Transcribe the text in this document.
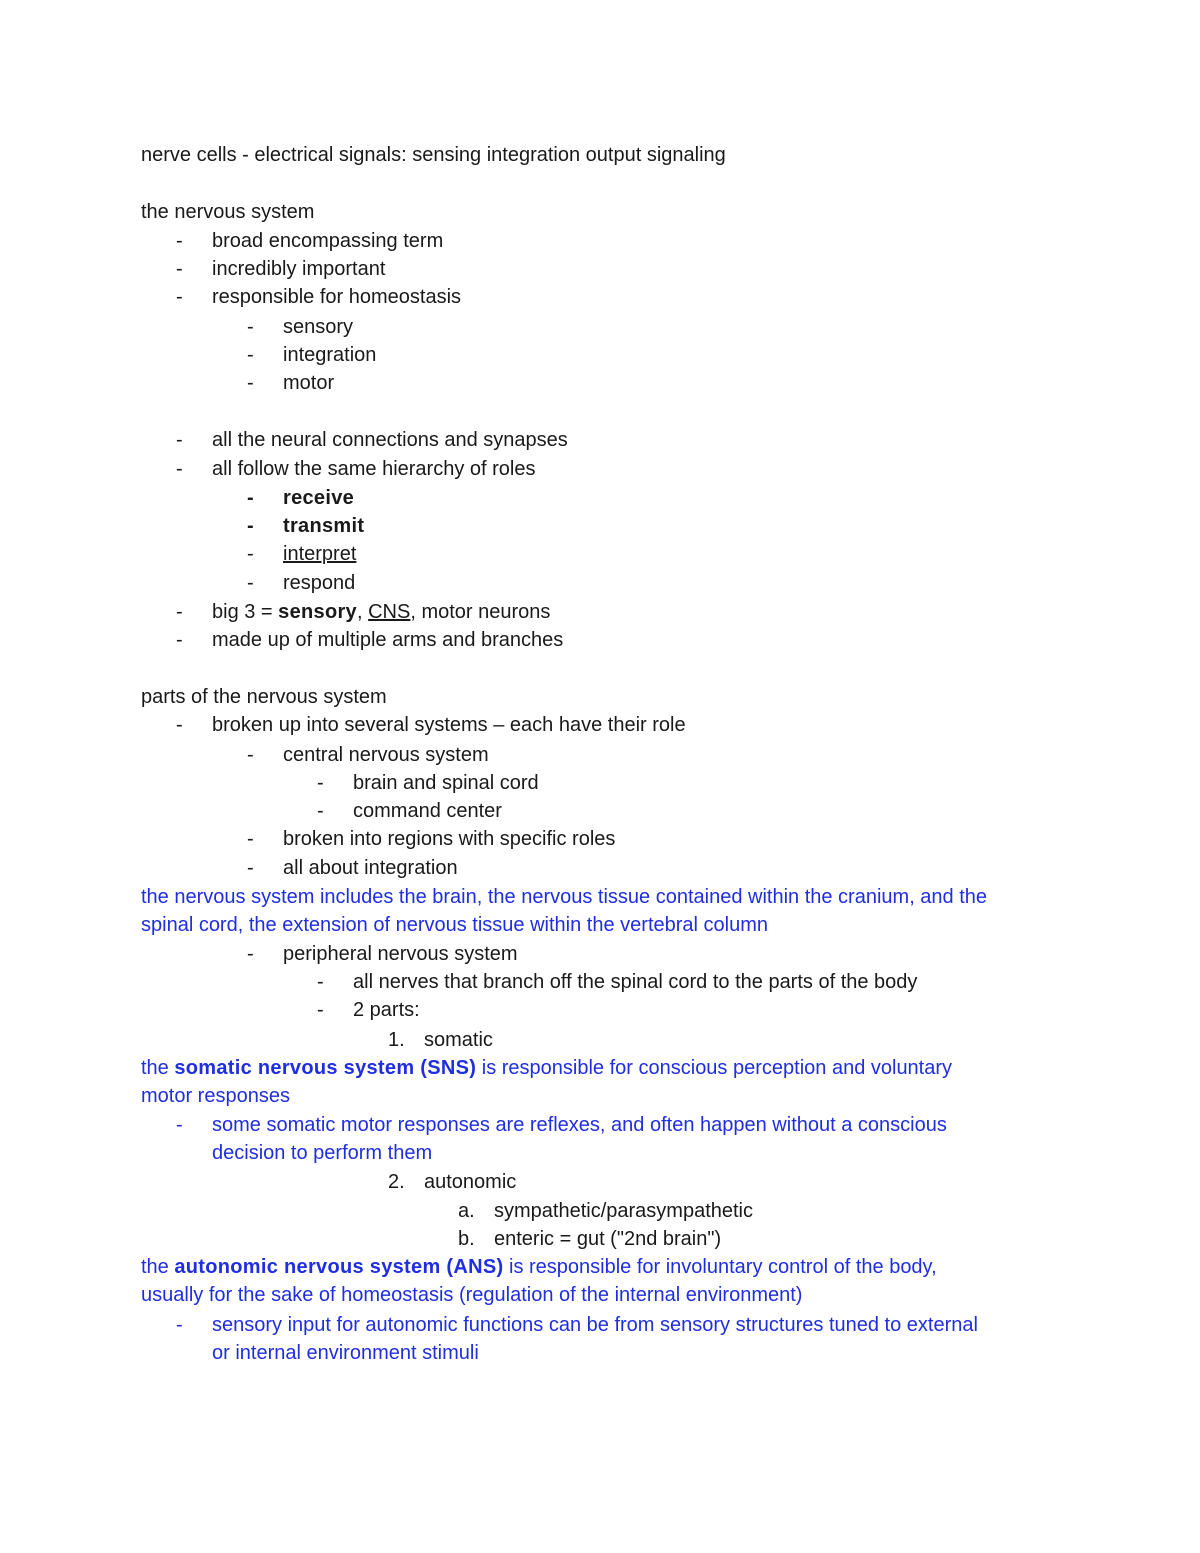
nerve cells - electrical signals: sensing integration output signaling
the nervous system
- broad encompassing term
- incredibly important
- responsible for homeostasis
- sensory
- integration
- motor
- all the neural connections and synapses
- all follow the same hierarchy of roles
- receive
- transmit
- interpret
- respond
- big 3 = sensory, CNS, motor neurons
- made up of multiple arms and branches
parts of the nervous system
- broken up into several systems – each have their role
- central nervous system
- brain and spinal cord
- command center
- broken into regions with specific roles
- all about integration
the nervous system includes the brain, the nervous tissue contained within the cranium, and the
spinal cord, the extension of nervous tissue within the vertebral column
- peripheral nervous system
- all nerves that branch off the spinal cord to the parts of the body
- 2 parts:
1. somatic
the somatic nervous system (SNS) is responsible for conscious perception and voluntary
motor responses
- some somatic motor responses are reflexes, and often happen without a conscious
decision to perform them
2. autonomic
a. sympathetic/parasympathetic
b. enteric = gut ("2nd brain")
the autonomic nervous system (ANS) is responsible for involuntary control of the body,
usually for the sake of homeostasis (regulation of the internal environment)
- sensory input for autonomic functions can be from sensory structures tuned to external
or internal environment stimuli
